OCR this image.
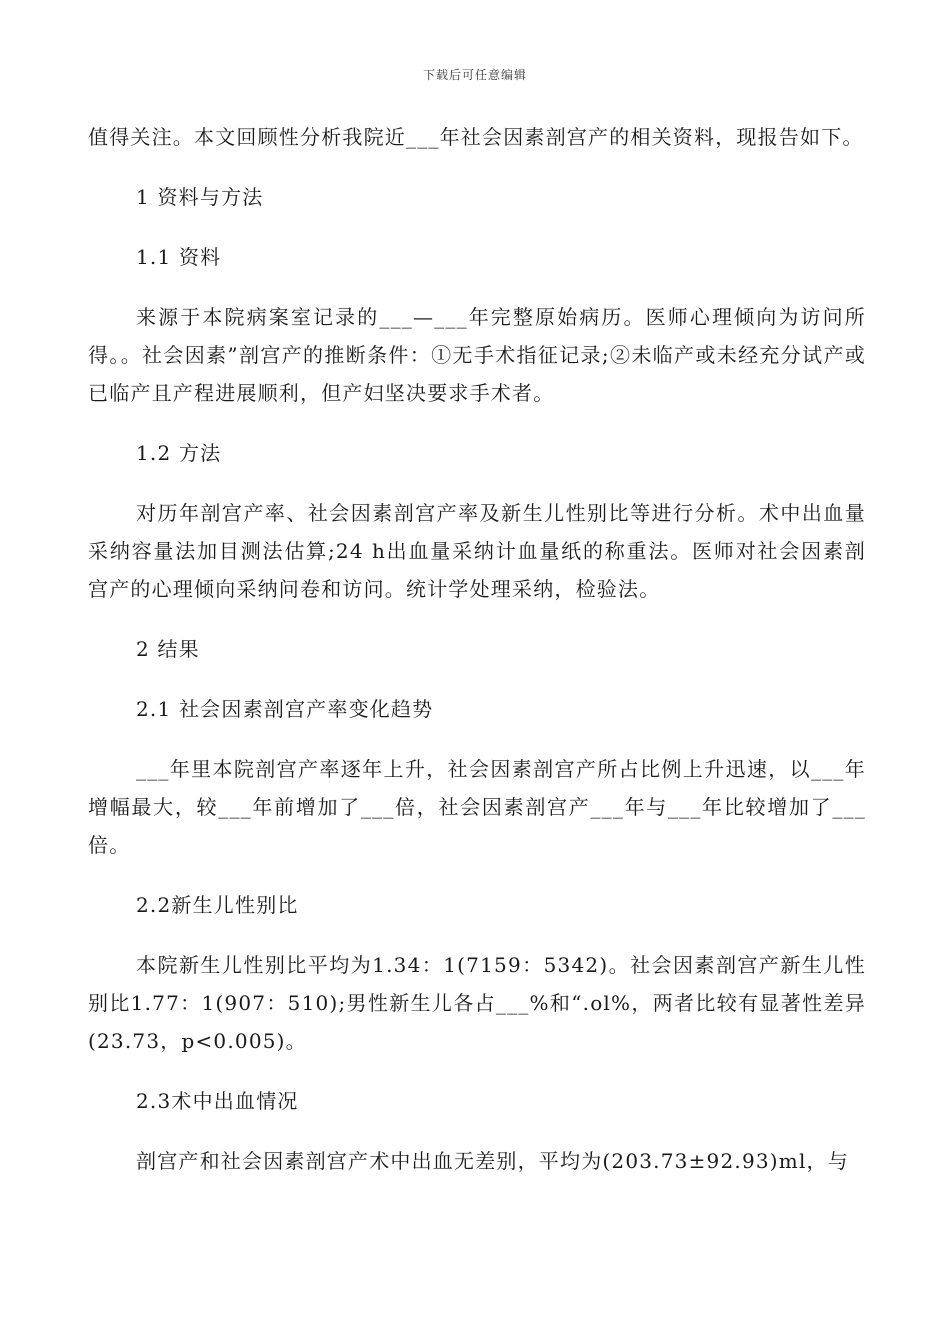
下载后可任意编辑

值得关注。本文回顾性分析我院近___年社会因素剖宫产的相关资料，现报告如下。

1 资料与方法

1.1 资料

来源于本院病案室记录的___—___年完整原始病历。医师心理倾向为访问所得。。社会因素”剖宫产的推断条件：①无手术指征记录;②未临产或未经充分试产或已临产且产程进展顺利，但产妇坚决要求手术者。

1.2 方法

对历年剖宫产率、社会因素剖宫产率及新生儿性别比等进行分析。术中出血量采纳容量法加目测法估算;24 h出血量采纳计血量纸的称重法。医师对社会因素剖宫产的心理倾向采纳问卷和访问。统计学处理采纳，检验法。

2 结果

2.1 社会因素剖宫产率变化趋势

___年里本院剖宫产率逐年上升，社会因素剖宫产所占比例上升迅速，以___年增幅最大，较___年前增加了___倍，社会因素剖宫产___年与___年比较增加了___倍。

2.2新生儿性别比

本院新生儿性别比平均为1.34：1(7159：5342)。社会因素剖宫产新生儿性别比1.77：1(907：510);男性新生儿各占___%和“.ol%，两者比较有显著性差异(23.73，p<0.005)。

2.3术中出血情况

剖宫产和社会因素剖宫产术中出血无差别，平均为(203.73±92.93)ml，与
